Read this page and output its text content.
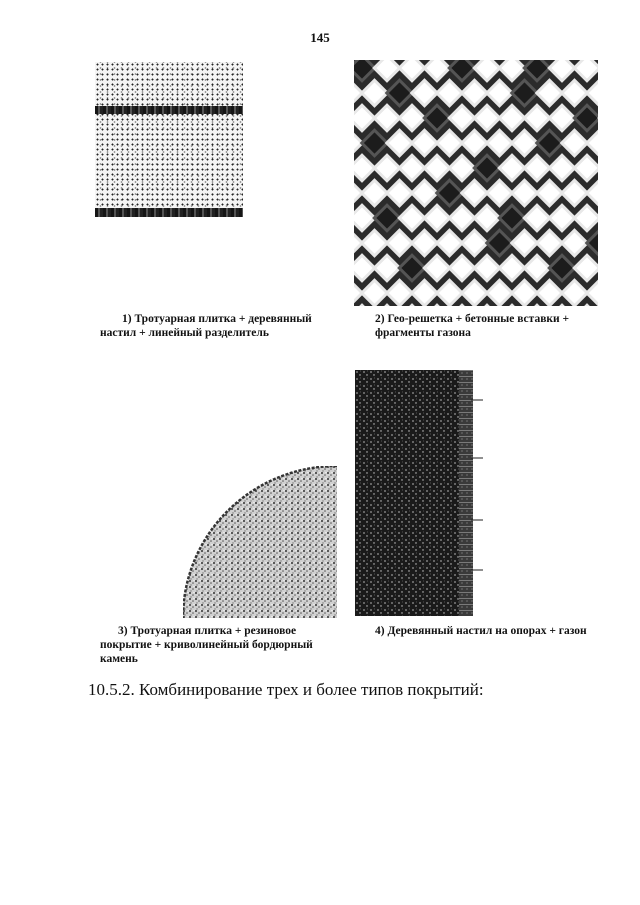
145
1) Тротуарная плитка + деревянный настил + линейный разделитель
2) Гео-решетка + бетонные вставки + фрагменты газона
3) Тротуарная плитка + резиновое покрытие + криволинейный бордюрный камень
4) Деревянный настил на опорах + газон
10.5.2. Комбинирование трех и более типов покрытий:
